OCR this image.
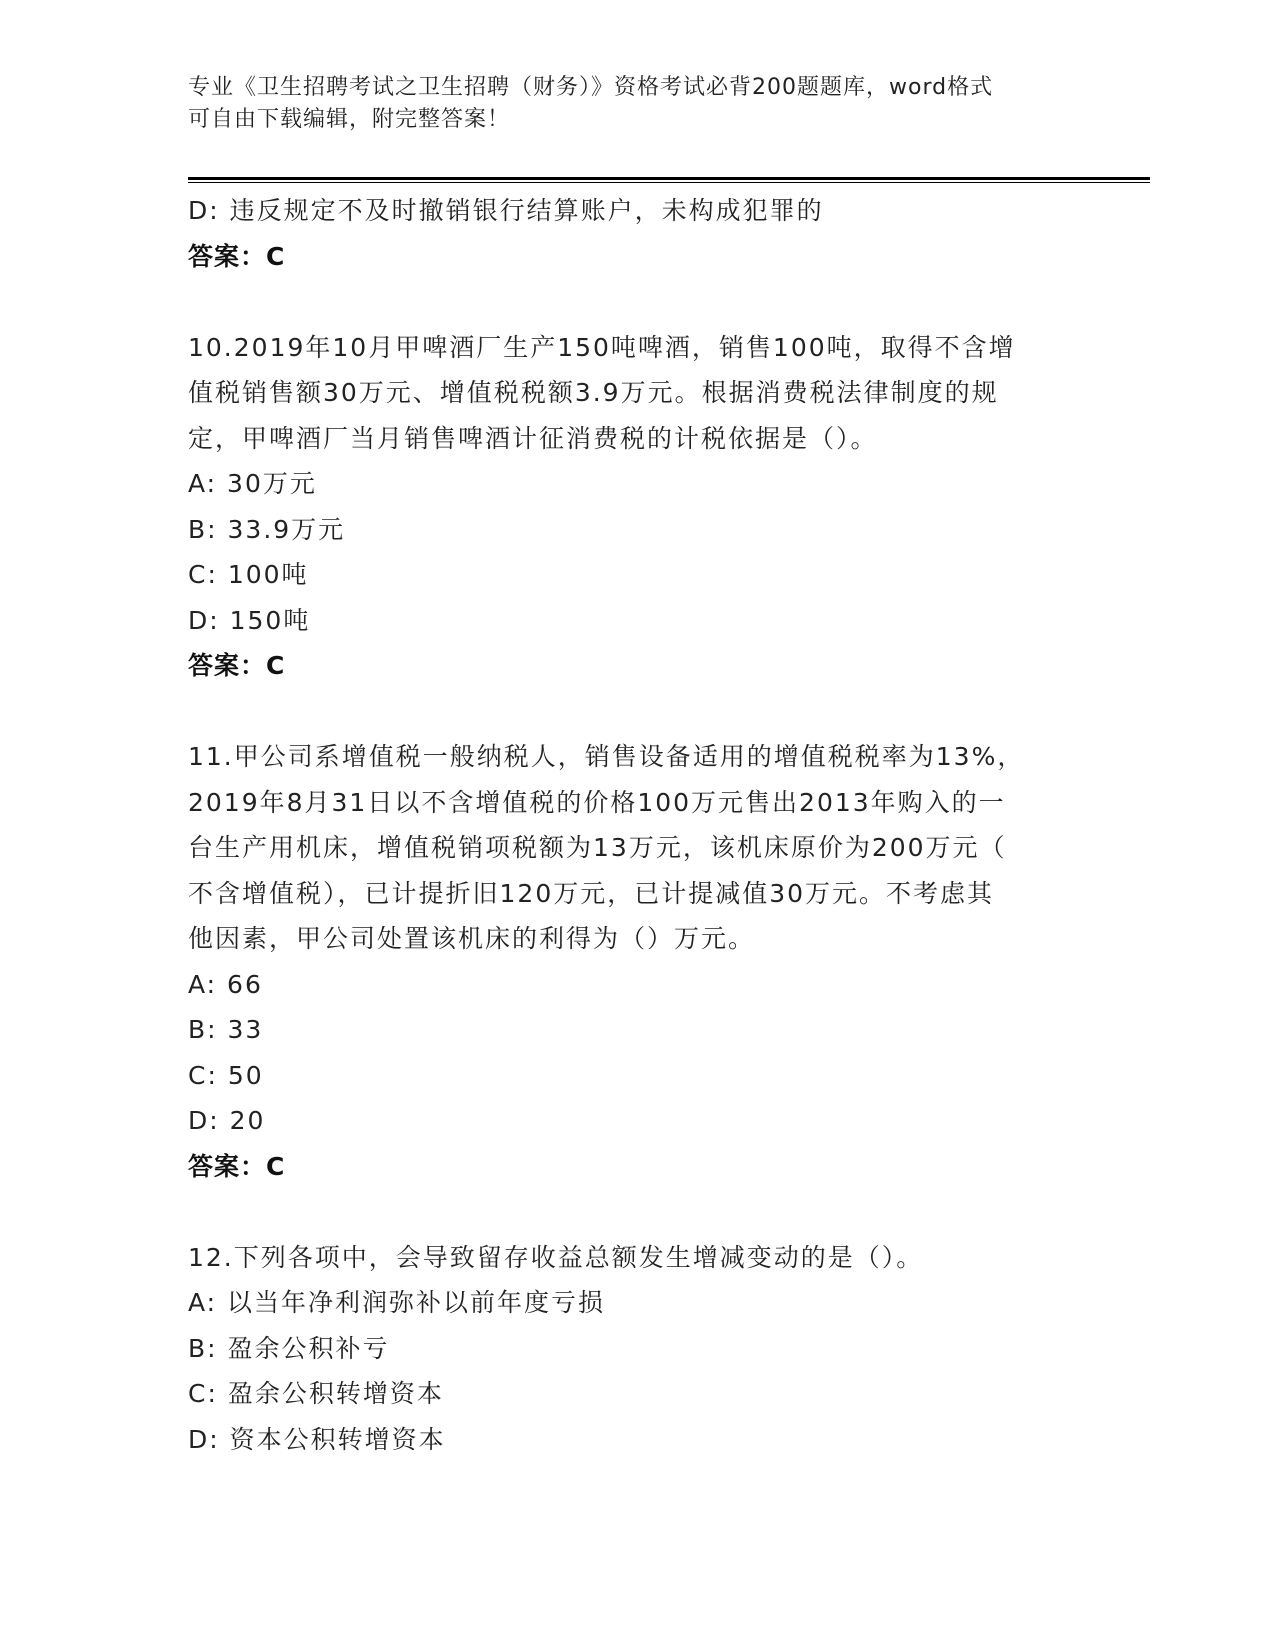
专业《卫生招聘考试之卫生招聘（财务）》资格考试必背200题题库，word格式
可自由下载编辑，附完整答案！

D: 违反规定不及时撤销银行结算账户，未构成犯罪的

答案：C

10.2019年10月甲啤酒厂生产150吨啤酒，销售100吨，取得不含增
值税销售额30万元、增值税税额3.9万元。根据消费税法律制度的规
定，甲啤酒厂当月销售啤酒计征消费税的计税依据是（）。

A: 30万元

B: 33.9万元

C: 100吨

D: 150吨

答案：C

11.甲公司系增值税一般纳税人，销售设备适用的增值税税率为13%，
2019年8月31日以不含增值税的价格100万元售出2013年购入的一
台生产用机床，增值税销项税额为13万元，该机床原价为200万元（
不含增值税），已计提折旧120万元，已计提减值30万元。不考虑其
他因素，甲公司处置该机床的利得为（）万元。

A: 66

B: 33

C: 50

D: 20

答案：C

12.下列各项中，会导致留存收益总额发生增减变动的是（）。

A: 以当年净利润弥补以前年度亏损

B: 盈余公积补亏

C: 盈余公积转增资本

D: 资本公积转增资本
